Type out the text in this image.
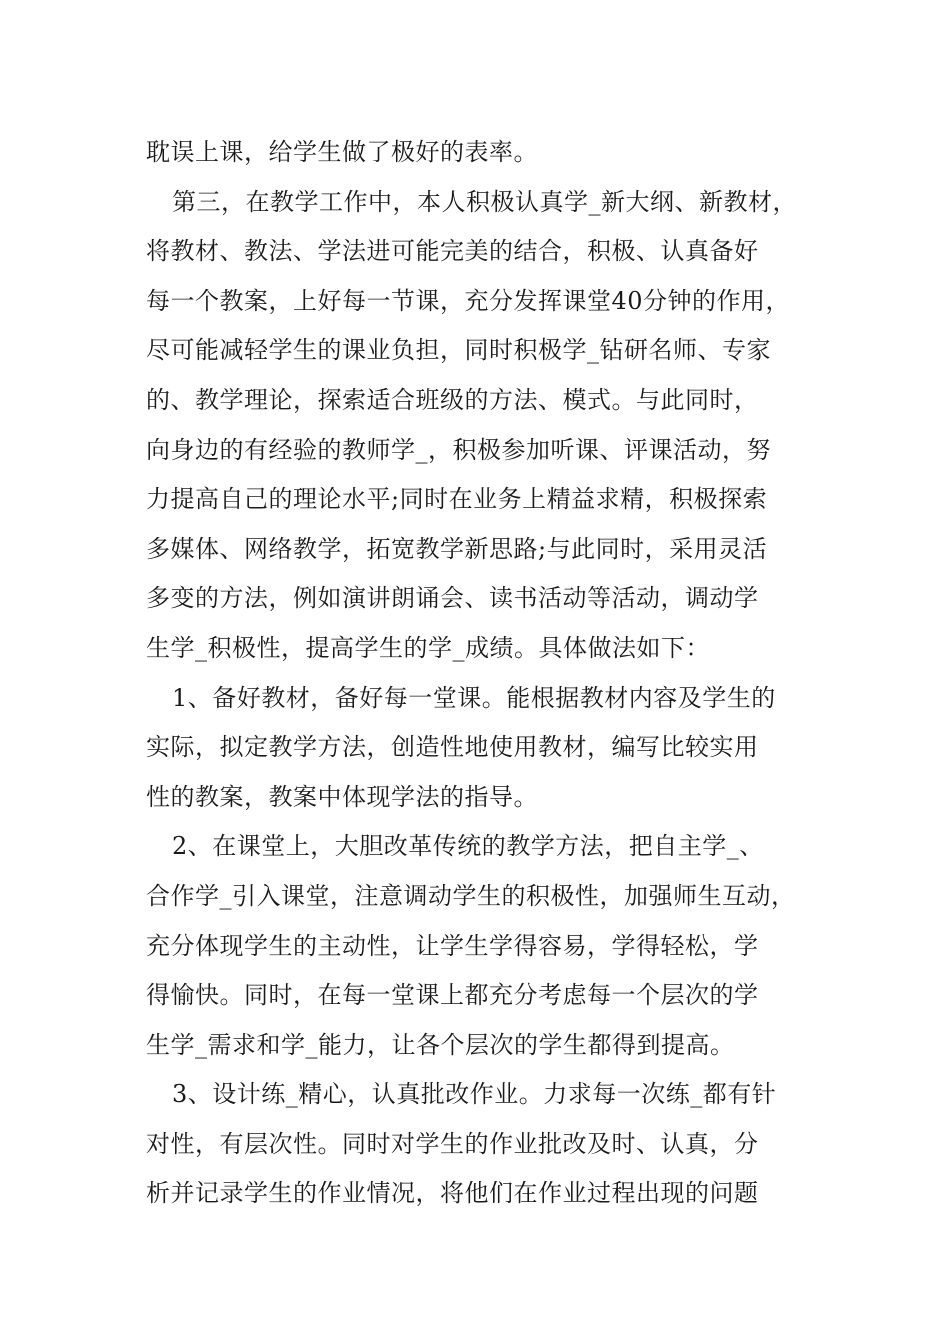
耽误上课，给学生做了极好的表率。
第三，在教学工作中，本人积极认真学_新大纲、新教材，
将教材、教法、学法进可能完美的结合，积极、认真备好
每一个教案，上好每一节课，充分发挥课堂40分钟的作用，
尽可能减轻学生的课业负担，同时积极学_钻研名师、专家
的、教学理论，探索适合班级的方法、模式。与此同时，
向身边的有经验的教师学_，积极参加听课、评课活动，努
力提高自己的理论水平;同时在业务上精益求精，积极探索
多媒体、网络教学，拓宽教学新思路;与此同时，采用灵活
多变的方法，例如演讲朗诵会、读书活动等活动，调动学
生学_积极性，提高学生的学_成绩。具体做法如下：
1、备好教材，备好每一堂课。能根据教材内容及学生的
实际，拟定教学方法，创造性地使用教材，编写比较实用
性的教案，教案中体现学法的指导。
2、在课堂上，大胆改革传统的教学方法，把自主学_、
合作学_引入课堂，注意调动学生的积极性，加强师生互动，
充分体现学生的主动性，让学生学得容易，学得轻松，学
得愉快。同时，在每一堂课上都充分考虑每一个层次的学
生学_需求和学_能力，让各个层次的学生都得到提高。
3、设计练_精心，认真批改作业。力求每一次练_都有针
对性，有层次性。同时对学生的作业批改及时、认真，分
析并记录学生的作业情况，将他们在作业过程出现的问题
